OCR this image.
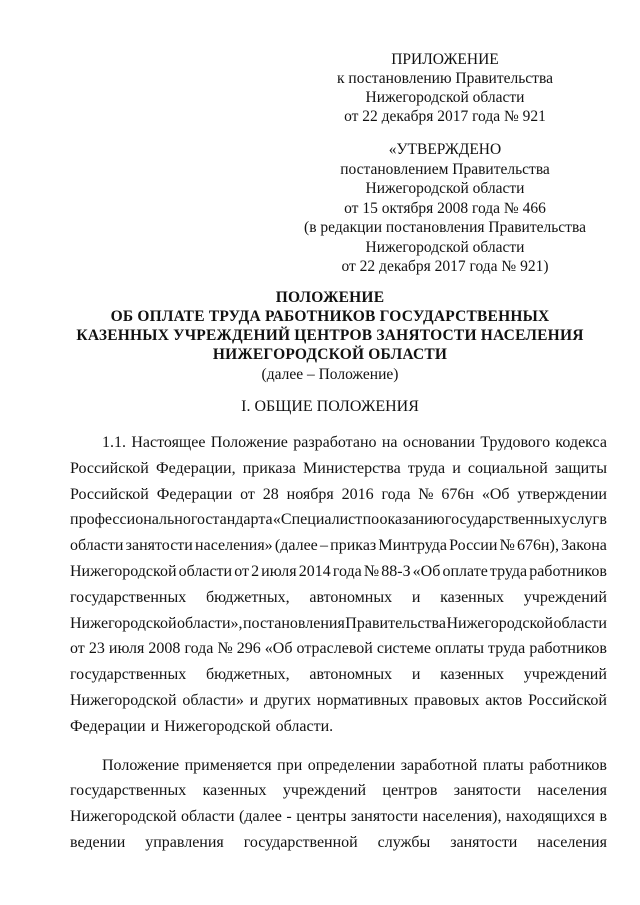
ПРИЛОЖЕНИЕ
к постановлению Правительства
Нижегородской области
от 22 декабря 2017 года № 921
«УТВЕРЖДЕНО
постановлением Правительства
Нижегородской области
от 15 октября 2008 года № 466
(в редакции постановления Правительства
Нижегородской области
от 22 декабря 2017 года № 921)
ПОЛОЖЕНИЕ
ОБ ОПЛАТЕ ТРУДА РАБОТНИКОВ ГОСУДАРСТВЕННЫХ
КАЗЕННЫХ УЧРЕЖДЕНИЙ ЦЕНТРОВ ЗАНЯТОСТИ НАСЕЛЕНИЯ
НИЖЕГОРОДСКОЙ ОБЛАСТИ
(далее – Положение)
I. ОБЩИЕ ПОЛОЖЕНИЯ
1.1. Настоящее Положение разработано на основании Трудового кодекса
Российской Федерации, приказа Министерства труда и социальной защиты
Российской Федерации от 28 ноября 2016 года № 676н «Об утверждении
профессионального стандарта «Специалист по оказанию государственных услуг в
области занятости населения» (далее – приказ Минтруда России № 676н), Закона
Нижегородской области от 2 июля 2014 года № 88-З «Об оплате труда работников
государственных бюджетных, автономных и казенных учреждений
Нижегородской области», постановления Правительства Нижегородской области
от 23 июля 2008 года № 296 «Об отраслевой системе оплаты труда работников
государственных бюджетных, автономных и казенных учреждений
Нижегородской области» и других нормативных правовых актов Российской
Федерации и Нижегородской области.
Положение применяется при определении заработной платы работников
государственных казенных учреждений центров занятости населения
Нижегородской области (далее - центры занятости населения), находящихся в
ведении управления государственной службы занятости населения
